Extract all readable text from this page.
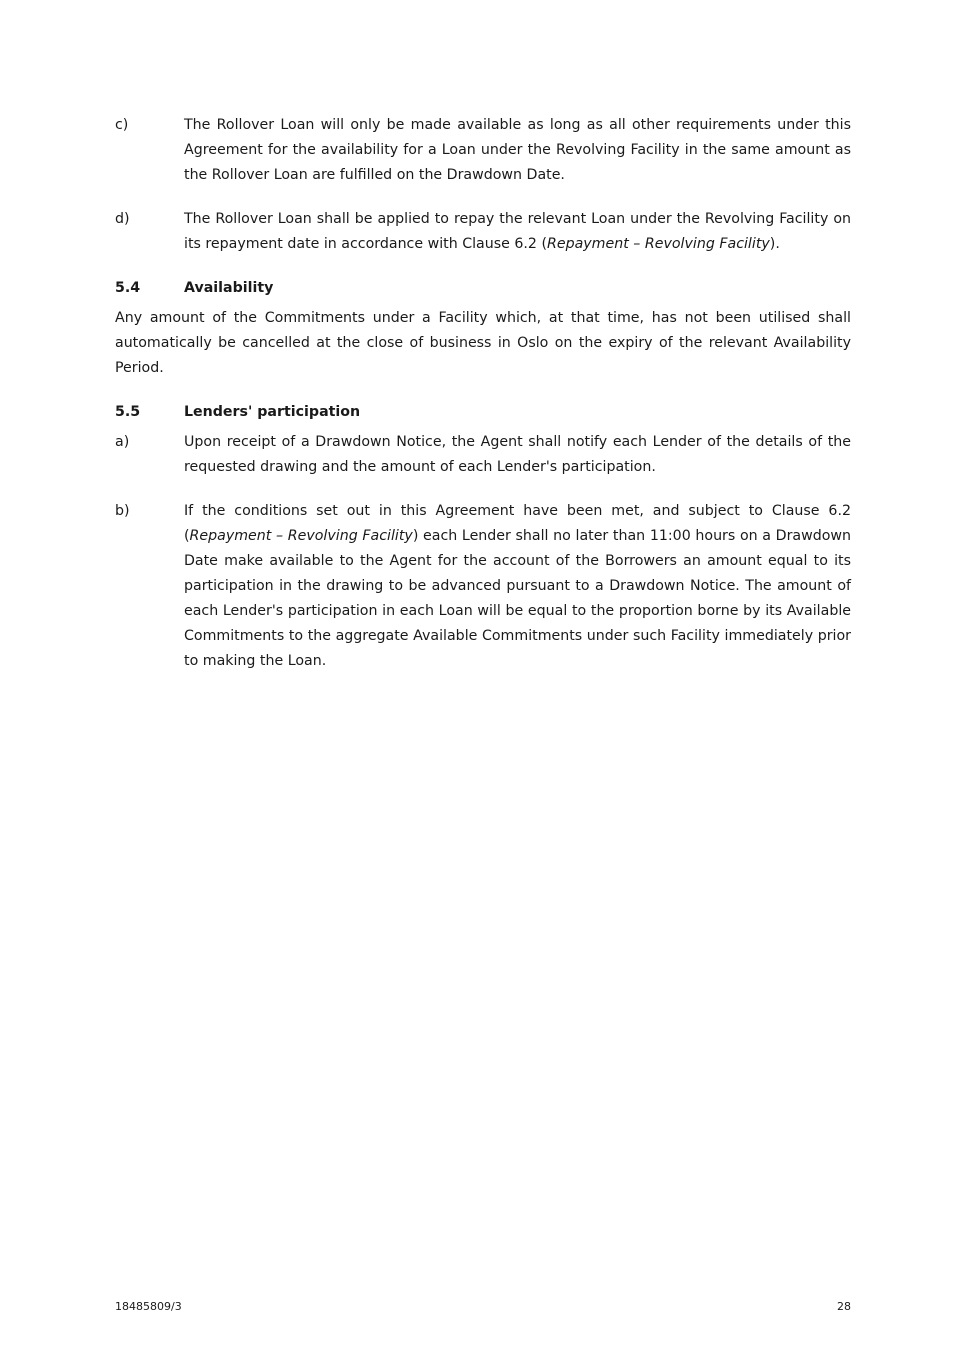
c)	The Rollover Loan will only be made available as long as all other requirements under this Agreement for the availability for a Loan under the Revolving Facility in the same amount as the Rollover Loan are fulfilled on the Drawdown Date.
d)	The Rollover Loan shall be applied to repay the relevant Loan under the Revolving Facility on its repayment date in accordance with Clause 6.2 (Repayment – Revolving Facility).
5.4	Availability
Any amount of the Commitments under a Facility which, at that time, has not been utilised shall automatically be cancelled at the close of business in Oslo on the expiry of the relevant Availability Period.
5.5	Lenders' participation
a)	Upon receipt of a Drawdown Notice, the Agent shall notify each Lender of the details of the requested drawing and the amount of each Lender's participation.
b)	If the conditions set out in this Agreement have been met, and subject to Clause 6.2 (Repayment – Revolving Facility) each Lender shall no later than 11:00 hours on a Drawdown Date make available to the Agent for the account of the Borrowers an amount equal to its participation in the drawing to be advanced pursuant to a Drawdown Notice. The amount of each Lender's participation in each Loan will be equal to the proportion borne by its Available Commitments to the aggregate Available Commitments under such Facility immediately prior to making the Loan.
18485809/3	28
